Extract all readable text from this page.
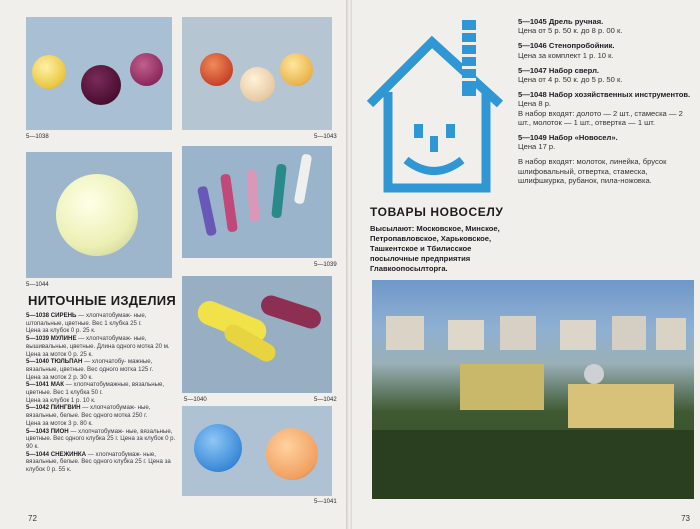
5—1038	5—1043
5—1044
5—1039
5—1040	5—1042
5—1041
НИТОЧНЫЕ ИЗДЕЛИЯ
5—1038 СИРЕНЬ — хлопчатобумаж- ные, штопальные, цветные. Вес 1 клубка 25 г.
Цена за клубок 0 р. 25 к.
5—1039 МУЛИНЕ — хлопчатобумаж- ные, вышивальные, цветные. Длина одного мотка 20 м.
Цена за моток 0 р. 25 к.
5—1040 ТЮЛЬПАН — хлопчатобу- мажные, вязальные, цветные. Вес одного мотка 125 г.
Цена за моток 2 р. 30 к.
5—1041 МАК — хлопчатобумажные, вязальные, цветные. Вес 1 клубка 50 г.
Цена за клубок 1 р. 10 к.
5—1042 ПИНГВИН — хлопчатобумаж- ные, вязальные, белые. Вес одного мотка 250 г.
Цена за моток 3 р. 80 к.
5—1043 ПИОН — хлопчатобумаж- ные, вязальные, цветные. Вес одного клубка 25 г. Цена за клубок 0 р. 90 к.
5—1044 СНЕЖИНКА — хлопчатобумаж- ные, вязальные, белые. Вес одного клубка 25 г. Цена за клубок 0 р. 55 к.
72
ТОВАРЫ НОВОСЕЛУ
Высылают: Московское, Минское, Петропавловское, Харьковское, Ташкентское и Тбилисское посылочные предприятия Главкоопосылторга.
5—1045 Дрель ручная.
Цена от 5 р. 50 к. до 8 р. 00 к.
5—1046 Стенопробойник.
Цена за комплект 1 р. 10 к.
5—1047 Набор сверл.
Цена от 4 р. 50 к. до 5 р. 50 к.
5—1048 Набор хозяйственных инструментов.
Цена 8 р.
В набор входят: долото — 2 шт., стамеска — 2 шт., молоток — 1 шт., отвертка — 1 шт.
5—1049 Набор «Новосел».
Цена 17 р.
В набор входят: молоток, линейка, брусок шлифовальный, отвертка, стамеска, шлифшкурка, рубанок, пила-ножовка.
73
